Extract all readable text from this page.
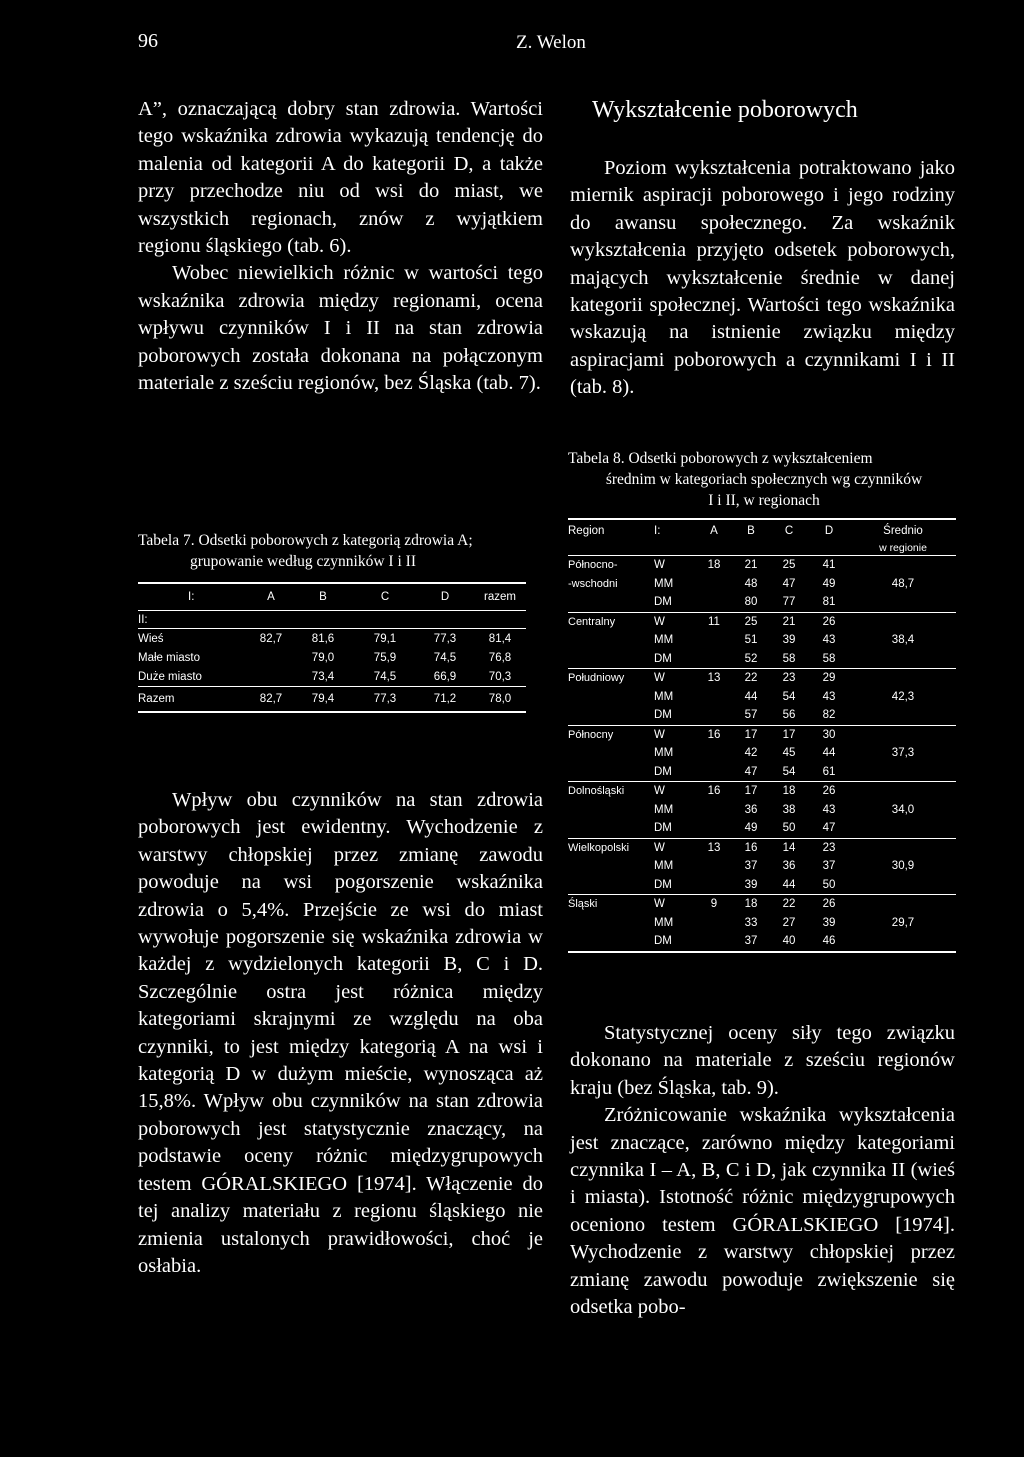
96	Z. Welon

A”, oznaczającą dobry stan zdrowia. Wartości tego wskaźnika zdrowia wykazują tendencję do malenia od kategorii A do kategorii D, a także przy przechodze niu od wsi do miast, we wszystkich regionach, znów z wyjątkiem regionu śląskiego (tab. 6).

Wobec niewielkich różnic w wartości tego wskaźnika zdrowia między regionami, ocena wpływu czynników I i II na stan zdrowia poborowych została dokonana na połączonym materiale z sześciu regionów, bez Śląska (tab. 7).

Tabela 7. Odsetki poborowych z kategorią zdrowia A;

grupowanie według czynników I i II
I:	A	B	C	D	razem
II:					
Wieś	82,7	81,6	79,1	77,3	81,4
Małe miasto		79,0	75,9	74,5	76,8
Duże miasto		73,4	74,5	66,9	70,3
Razem	82,7	79,4	77,3	71,2	78,0

Wpływ obu czynników na stan zdrowia poborowych jest ewidentny. Wychodzenie z warstwy chłopskiej przez zmianę zawodu powoduje na wsi pogorszenie wskaźnika zdrowia o 5,4%. Przejście ze wsi do miast wywołuje pogorszenie się wskaźnika zdrowia w każdej z wydzielonych kategorii B, C i D. Szczególnie ostra jest różnica między kategoriami skrajnymi ze względu na oba czynniki, to jest między kategorią A na wsi i kategorią D w dużym mieście, wynosząca aż 15,8%. Wpływ obu czynników na stan zdrowia poborowych jest statystycznie znaczący, na podstawie oceny różnic międzygrupowych testem GÓRALSKIEGO [1974]. Włączenie do tej analizy materiału z regionu śląskiego nie zmienia ustalonych prawidłowości, choć je osłabia.

Wykształcenie poborowych

Poziom wykształcenia potraktowano jako miernik aspiracji poborowego i jego rodziny do awansu społecznego. Za wskaźnik wykształcenia przyjęto odsetek poborowych, mających wykształcenie średnie w danej kategorii społecznej. Wartości tego wskaźnika wskazują na istnienie związku między aspiracjami poborowych a czynnikami I i II (tab. 8).

Tabela 8. Odsetki poborowych z wykształceniem
średnim w kategoriach społecznych wg czynników
I i II, w regionach
Region	I:	A	B	C	D	Średnio
						w regionie
Północno-	W	18	21	25	41	
-wschodni	MM		48	47	49	48,7
	DM		80	77	81	
Centralny	W	11	25	21	26	
	MM		51	39	43	38,4
	DM		52	58	58	
Południowy	W	13	22	23	29	
	MM		44	54	43	42,3
	DM		57	56	82	
Północny	W	16	17	17	30	
	MM		42	45	44	37,3
	DM		47	54	61	
Dolnośląski	W	16	17	18	26	
	MM		36	38	43	34,0
	DM		49	50	47	
Wielkopolski	W	13	16	14	23	
	MM		37	36	37	30,9
	DM		39	44	50	
Śląski	W	9	18	22	26	
	MM		33	27	39	29,7
	DM		37	40	46	

Statystycznej oceny siły tego związku dokonano na materiale z sześciu regionów kraju (bez Śląska, tab. 9).

Zróżnicowanie wskaźnika wykształcenia jest znaczące, zarówno między kategoriami czynnika I – A, B, C i D, jak czynnika II (wieś i miasta). Istotność różnic międzygrupowych oceniono testem GÓRALSKIEGO [1974]. Wychodzenie z warstwy chłopskiej przez zmianę zawodu powoduje zwiększenie się odsetka pobo-
